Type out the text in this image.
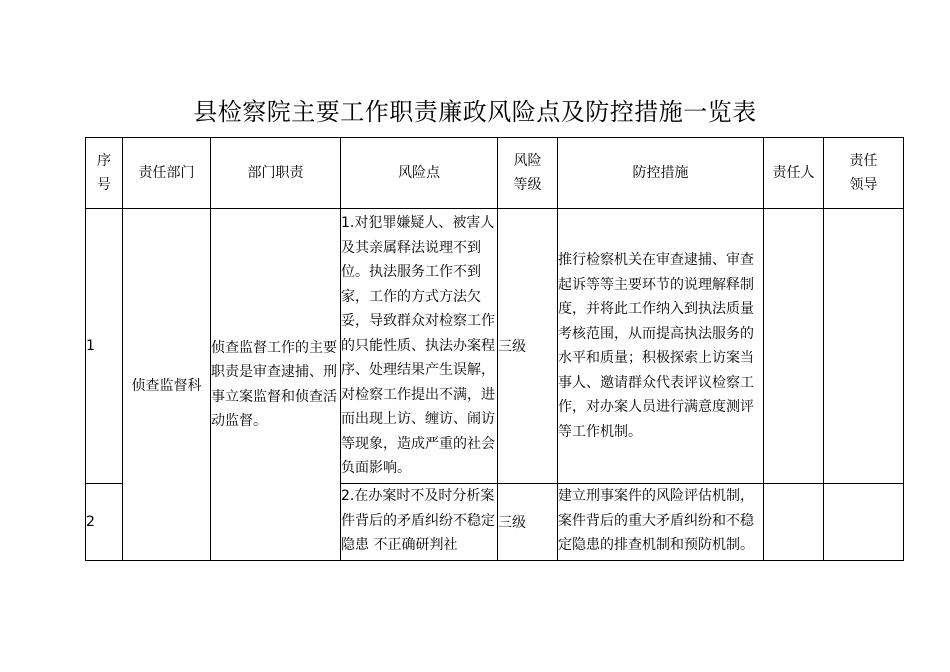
县检察院主要工作职责廉政风险点及防控措施一览表
序号	责任部门	部门职责	风险点	风险等级	防控措施	责任人	责任领导

1	侦查监督科	侦查监督工作的主要职责是审查逮捕、刑事立案监督和侦查活动监督。	1.对犯罪嫌疑人、被害人及其亲属释法说理不到位。执法服务工作不到家，工作的方式方法欠妥，导致群众对检察工作的只能性质、执法办案程序、处理结果产生误解，对检察工作提出不满，进而出现上访、缠访、闹访等现象，造成严重的社会负面影响。	三级	推行检察机关在审查逮捕、审查起诉等等主要环节的说理解释制度，并将此工作纳入到执法质量考核范围，从而提高执法服务的水平和质量；积极探索上访案当事人、邀请群众代表评议检察工作，对办案人员进行满意度测评等工作机制。		
2			2.在办案时不及时分析案件背后的矛盾纠纷不稳定隐患 不正确研判社	三级	建立刑事案件的风险评估机制，案件背后的重大矛盾纠纷和不稳定隐患的排查机制和预防机制。		
